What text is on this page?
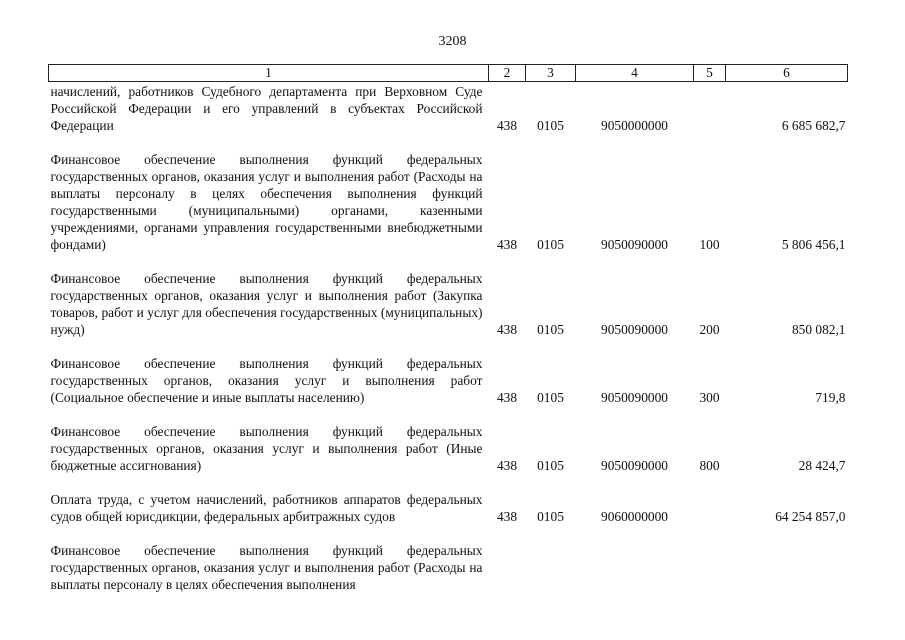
3208
1	2	3	4	5	6
начислений, работников Судебного департамента при Верховном Суде Российской Федерации и его управлений в субъектах Российской Федерации	438	0105	9050000000		6 685 682,7

Финансовое обеспечение выполнения функций федеральных государственных органов, оказания услуг и выполнения работ (Расходы на выплаты персоналу в целях обеспечения выполнения функций государственными (муниципальными) органами, казенными учреждениями, органами управления государственными внебюджетными фондами)	438	0105	9050090000	100	5 806 456,1

Финансовое обеспечение выполнения функций федеральных государственных органов, оказания услуг и выполнения работ (Закупка товаров, работ и услуг для обеспечения государственных (муниципальных) нужд)	438	0105	9050090000	200	850 082,1

Финансовое обеспечение выполнения функций федеральных государственных органов, оказания услуг и выполнения работ (Социальное обеспечение и иные выплаты населению)	438	0105	9050090000	300	719,8

Финансовое обеспечение выполнения функций федеральных государственных органов, оказания услуг и выполнения работ (Иные бюджетные ассигнования)	438	0105	9050090000	800	28 424,7

Оплата труда, с учетом начислений, работников аппаратов федеральных судов общей юрисдикции, федеральных арбитражных судов	438	0105	9060000000		64 254 857,0

Финансовое обеспечение выполнения функций федеральных государственных органов, оказания услуг и выполнения работ (Расходы на выплаты персоналу в целях обеспечения выполнения					
